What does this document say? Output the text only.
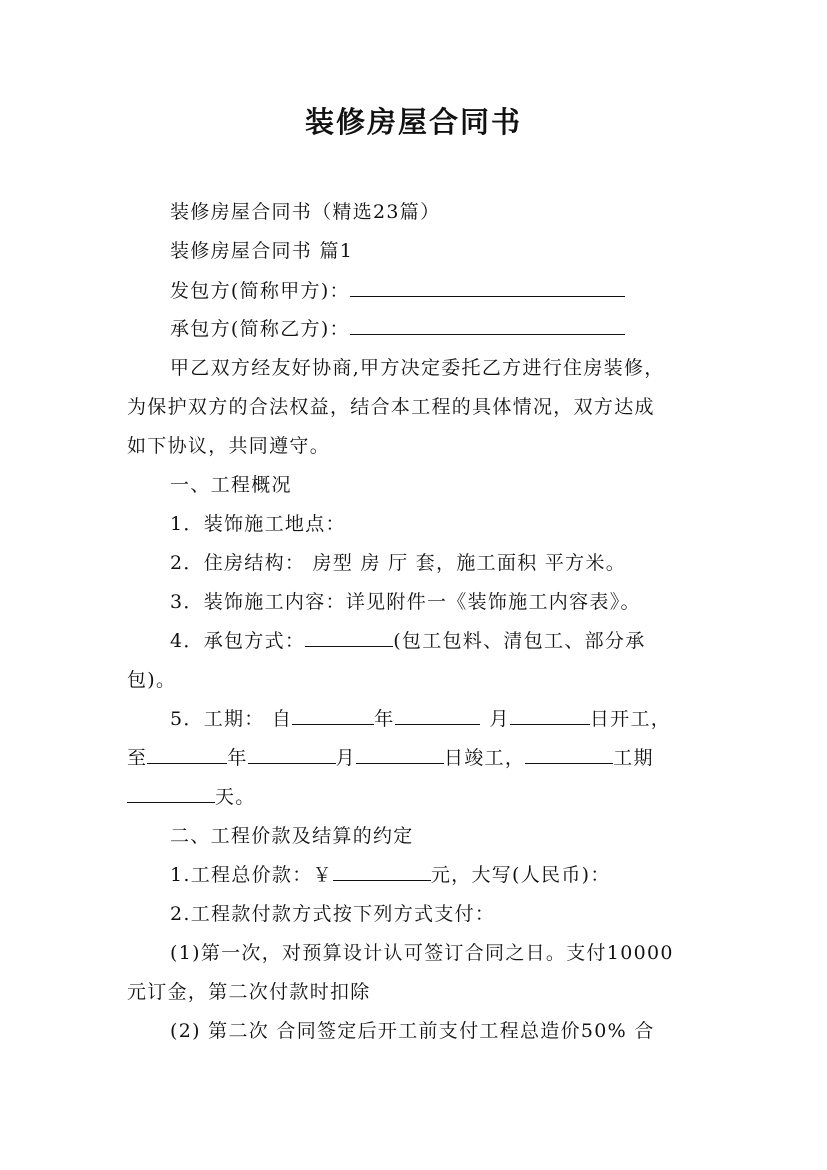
装修房屋合同书
装修房屋合同书（精选23篇）
装修房屋合同书 篇1
发包方(简称甲方)：
承包方(简称乙方)：
甲乙双方经友好协商,甲方决定委托乙方进行住房装修，
为保护双方的合法权益，结合本工程的具体情况，双方达成
如下协议，共同遵守。
一、工程概况
1．装饰施工地点：
2．住房结构： 房型 房 厅 套，施工面积 平方米。
3．装饰施工内容：详见附件一《装饰施工内容表》。
4．承包方式：	(包工包料、清包工、部分承
包)。
5．工期： 自	年	月	日开工，
至	年	月	日竣工，	工期
天。
二、工程价款及结算的约定
1.工程总价款：￥	元，大写(人民币)：
2.工程款付款方式按下列方式支付：
(1)第一次，对预算设计认可签订合同之日。支付10000
元订金，第二次付款时扣除
(2) 第二次 合同签定后开工前支付工程总造价50% 合
